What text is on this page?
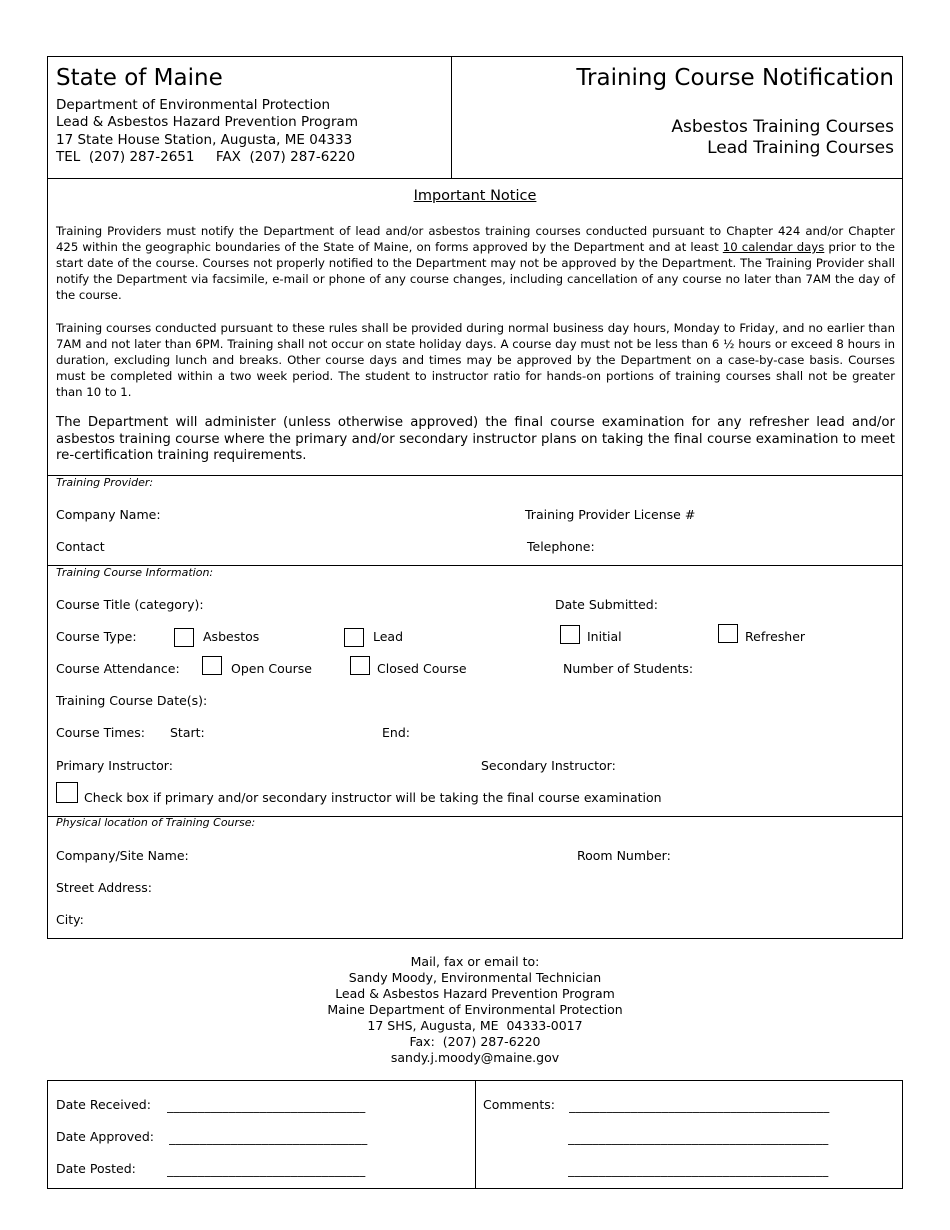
State of Maine
Department of Environmental Protection
Lead & Asbestos Hazard Prevention Program
17 State House Station, Augusta, ME 04333
TEL  (207) 287-2651     FAX  (207) 287-6220
Training Course Notification
Asbestos Training Courses
Lead Training Courses
Important Notice

Training Providers must notify the Department of lead and/or asbestos training courses conducted pursuant to Chapter 424 and/or Chapter 425 within the geographic boundaries of the State of Maine, on forms approved by the Department and at least 10 calendar days prior to the start date of the course. Courses not properly notified to the Department may not be approved by the Department. The Training Provider shall notify the Department via facsimile, e-mail or phone of any course changes, including cancellation of any course no later than 7AM the day of the course.

Training courses conducted pursuant to these rules shall be provided during normal business day hours, Monday to Friday, and no earlier than 7AM and not later than 6PM. Training shall not occur on state holiday days. A course day must not be less than 6 ½ hours or exceed 8 hours in duration, excluding lunch and breaks. Other course days and times may be approved by the Department on a case-by-case basis. Courses must be completed within a two week period. The student to instructor ratio for hands-on portions of training courses shall not be greater than 10 to 1.

The Department will administer (unless otherwise approved) the final course examination for any refresher lead and/or asbestos training course where the primary and/or secondary instructor plans on taking the final course examination to meet re-certification training requirements.

Training Provider:
Company Name:	Training Provider License #
Contact	Telephone:
Training Course Information:
Course Title (category):	Date Submitted:
Course Type:	Asbestos	Lead	Initial	Refresher
Course Attendance:	Open Course	Closed Course	Number of Students:
Training Course Date(s):
Course Times: Start:	End:
Primary Instructor:	Secondary Instructor:
Check box if primary and/or secondary instructor will be taking the final course examination
Physical location of Training Course:
Company/Site Name:	Room Number:
Street Address:
City:
Mail, fax or email to:
Sandy Moody, Environmental Technician
Lead & Asbestos Hazard Prevention Program
Maine Department of Environmental Protection
17 SHS, Augusta, ME  04333-0017
Fax:  (207) 287-6220
sandy.j.moody@maine.gov
Date Received: ________________________________
Date Approved: ________________________________
Date Posted:	________________________________
Comments: __________________________________________
__________________________________________
__________________________________________
